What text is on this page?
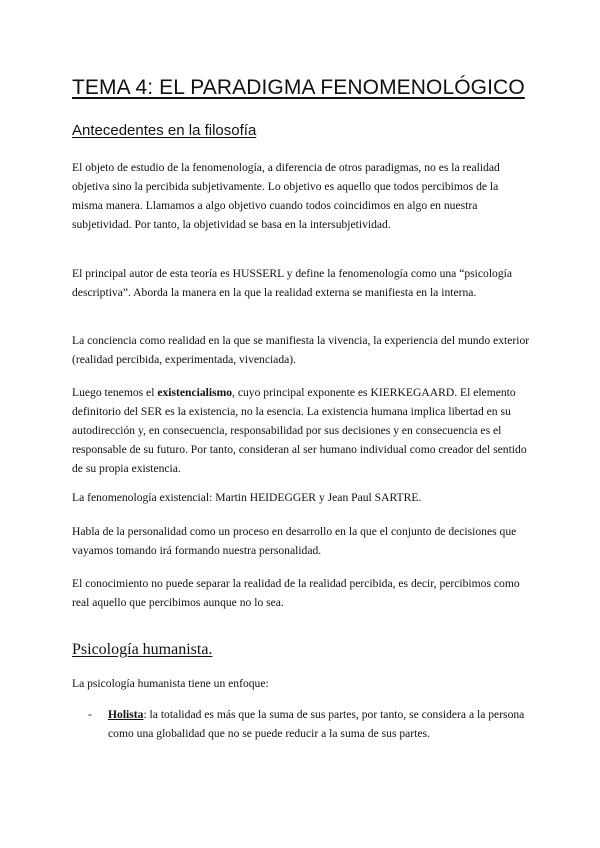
TEMA 4: EL PARADIGMA FENOMENOLÓGICO
Antecedentes en la filosofía

El objeto de estudio de la fenomenología, a diferencia de otros paradigmas, no es la realidad objetiva sino la percibida subjetivamente. Lo objetivo es aquello que todos percibimos de la misma manera. Llamamos a algo objetivo cuando todos coincidimos en algo en nuestra subjetividad. Por tanto, la objetividad se basa en la intersubjetividad.

El principal autor de esta teoría es HUSSERL y define la fenomenología como una “psicología descriptiva”. Aborda la manera en la que la realidad externa se manifiesta en la interna.

La conciencia como realidad en la que se manifiesta la vivencia, la experiencia del mundo exterior (realidad percibida, experimentada, vivenciada).

Luego tenemos el existencialismo, cuyo principal exponente es KIERKEGAARD. El elemento definitorio del SER es la existencia, no la esencia. La existencia humana implica libertad en su autodirección y, en consecuencia, responsabilidad por sus decisiones y en consecuencia es el responsable de su futuro. Por tanto, consideran al ser humano individual como creador del sentido de su propia existencia.

La fenomenología existencial: Martin HEIDEGGER y Jean Paul SARTRE.

Habla de la personalidad como un proceso en desarrollo en la que el conjunto de decisiones que vayamos tomando irá formando nuestra personalidad.

El conocimiento no puede separar la realidad de la realidad percibida, es decir, percibimos como real aquello que percibimos aunque no lo sea.

Psicología humanista.

La psicología humanista tiene un enfoque:

- Holista: la totalidad es más que la suma de sus partes, por tanto, se considera a la persona como una globalidad que no se puede reducir a la suma de sus partes.
